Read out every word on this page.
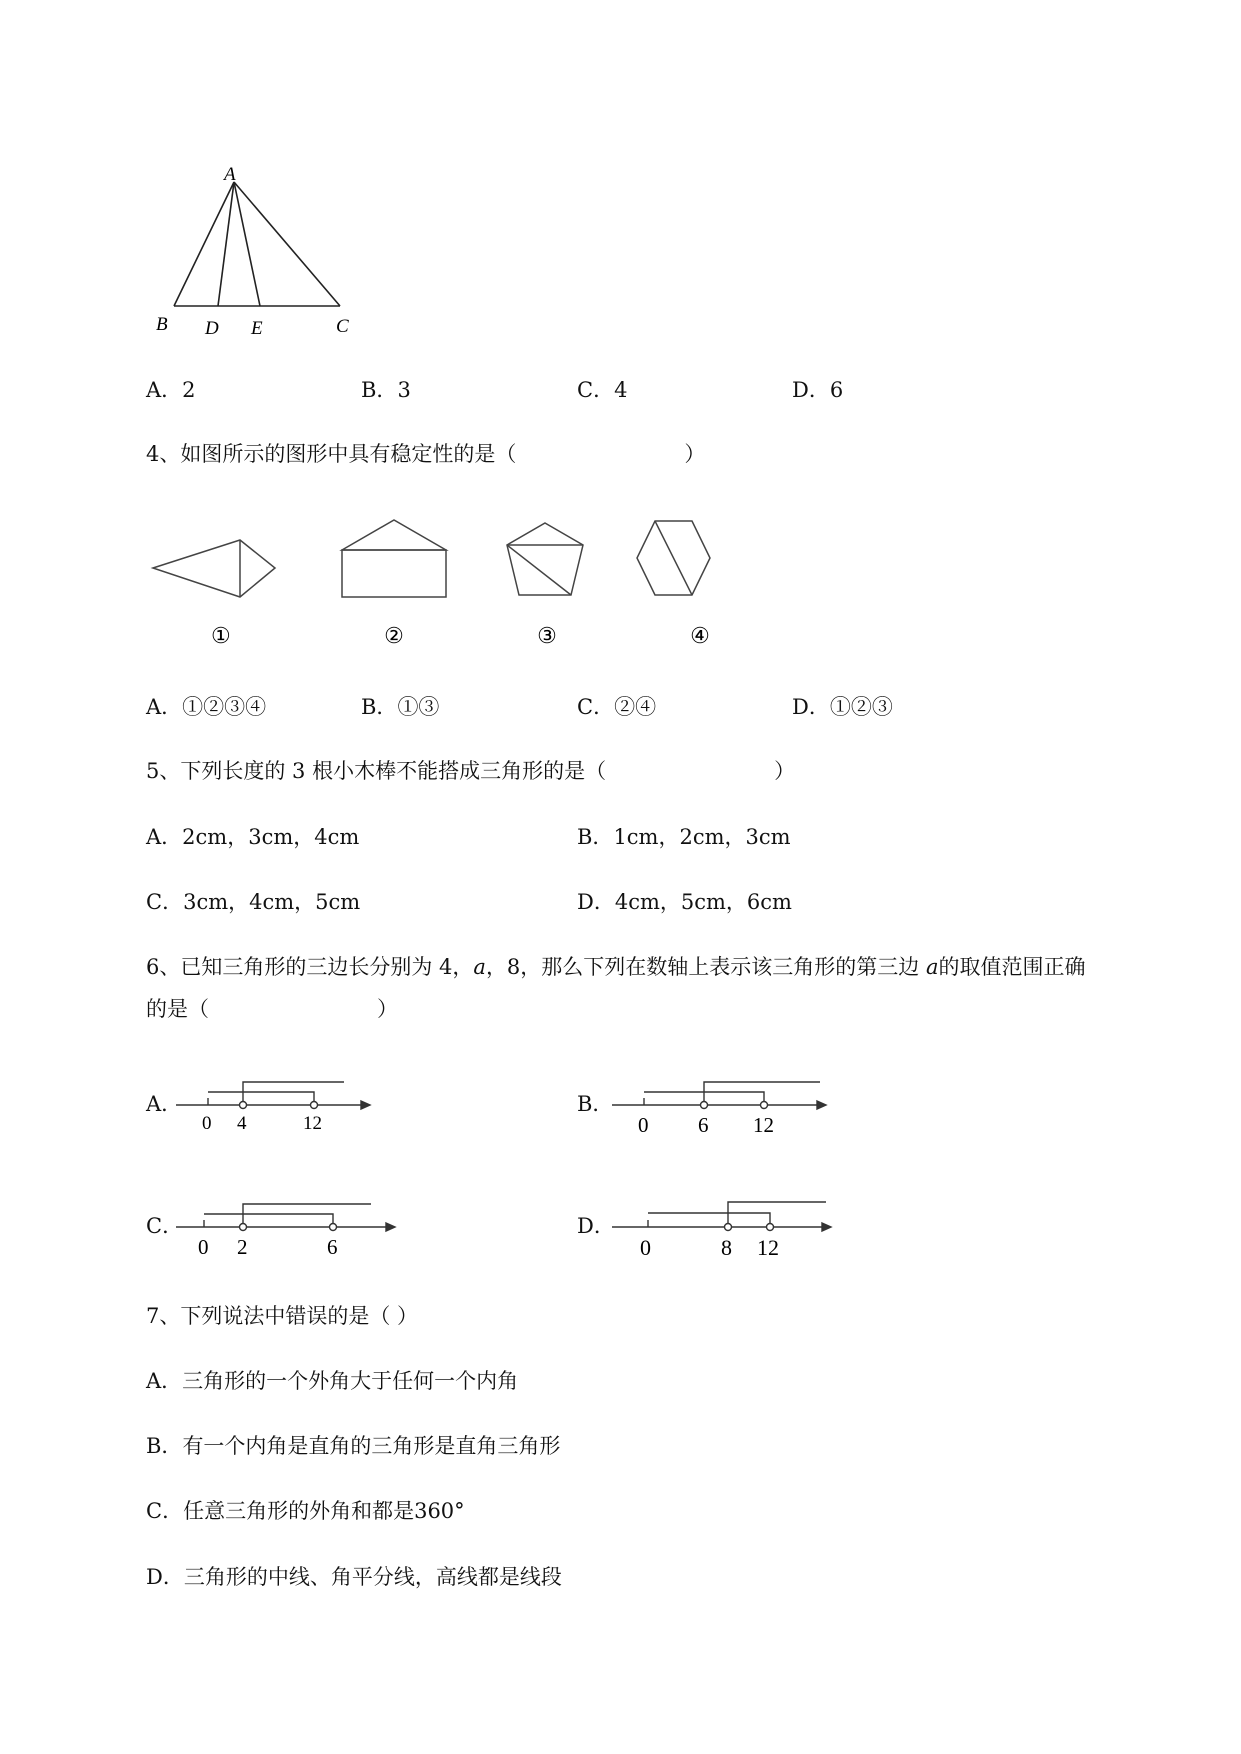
A
B D E	C
A．2	B．3	C．4	D．6
4、如图所示的图形中具有稳定性的是（　　　　　　　　）
①	②	③	④
A．①②③④	B．①③	C．②④	D．①②③
5、下列长度的 3 根小木棒不能搭成三角形的是（　　　　　　　　）
A．2cm，3cm，4cm	B．1cm，2cm，3cm
C．3cm，4cm，5cm	D．4cm，5cm，6cm
6、已知三角形的三边长分别为 4，a，8，那么下列在数轴上表示该三角形的第三边 a的取值范围正确
的是（　　　　　　　　）
A．
0 4	12
B．
0 6 12
C．
0 2	6
D．
0	8 12
7、下列说法中错误的是（ ）
A．三角形的一个外角大于任何一个内角
B．有一个内角是直角的三角形是直角三角形
C．任意三角形的外角和都是360°
D．三角形的中线、角平分线，高线都是线段
